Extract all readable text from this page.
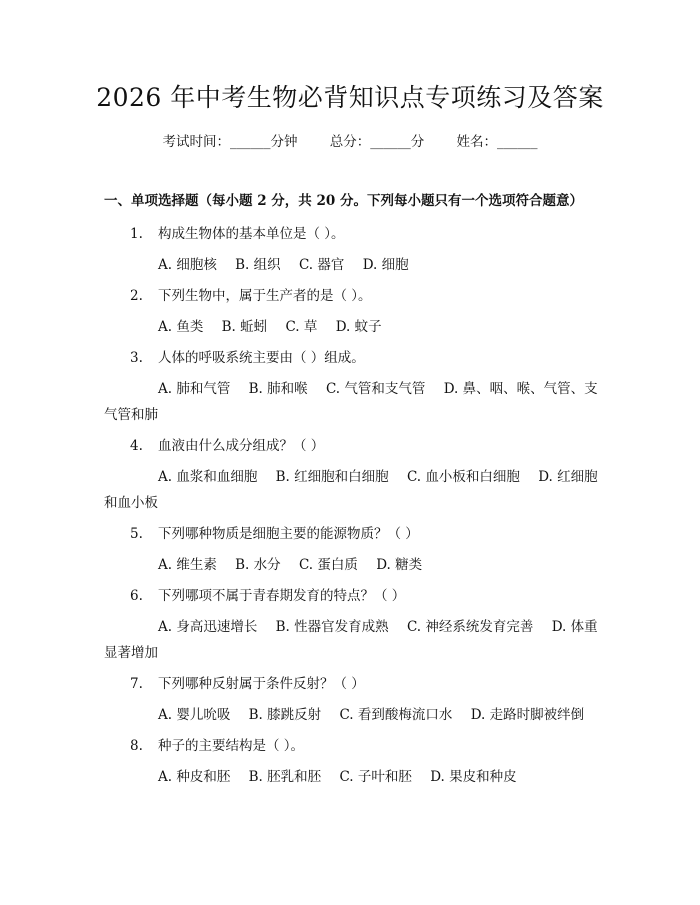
2026 年中考生物必背知识点专项练习及答案
考试时间：______分钟 总分：______分 姓名：______
一、单项选择题（每小题 2 分，共 20 分。下列每小题只有一个选项符合题意）
1. 构成生物体的基本单位是（ ）。
A. 细胞核 B. 组织 C. 器官 D. 细胞
2. 下列生物中，属于生产者的是（ ）。
A. 鱼类 B. 蚯蚓 C. 草 D. 蚊子
3. 人体的呼吸系统主要由（ ）组成。
A. 肺和气管 B. 肺和喉 C. 气管和支气管 D. 鼻、咽、喉、气管、支气管和肺
4. 血液由什么成分组成？（ ）
A. 血浆和血细胞 B. 红细胞和白细胞 C. 血小板和白细胞 D. 红细胞和血小板
5. 下列哪种物质是细胞主要的能源物质？（ ）
A. 维生素 B. 水分 C. 蛋白质 D. 糖类
6. 下列哪项不属于青春期发育的特点？（ ）
A. 身高迅速增长 B. 性器官发育成熟 C. 神经系统发育完善 D. 体重显著增加
7. 下列哪种反射属于条件反射？（ ）
A. 婴儿吮吸 B. 膝跳反射 C. 看到酸梅流口水 D. 走路时脚被绊倒
8. 种子的主要结构是（ ）。
A. 种皮和胚 B. 胚乳和胚 C. 子叶和胚 D. 果皮和种皮
